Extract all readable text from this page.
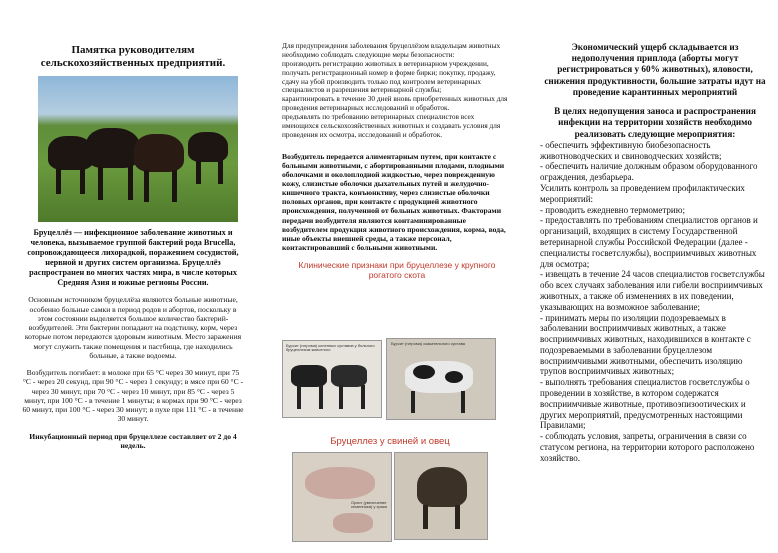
Памятка руководителям сельскохозяйственных предприятий.

Бруцеллёз — инфекционное заболевание животных и человека, вызываемое группой бактерий рода Brucella, сопровождающееся лихорадкой, поражением сосудистой, нервной и других систем организма. Бруцеллёз распространен во многих частях мира, в числе которых Средняя Азия и южные регионы России.

Основным источником бруцеллёза являются больные животные, особенно больные самки в период родов и абортов, поскольку в этом состоянии выделяется большое количество бактерий-возбудителей. Эти бактерии попадают на подстилку, корм, через которые потом передаются здоровым животным. Место заражения могут служить также помещения и пастбища, где находились больные, а также водоемы.

Возбудитель погибает: в молоке при 65 °С через 30 минут, при 75 °С - через 20 секунд, при 90 °С - через 1 секунду; в мясе при 60 °С - через 30 минут, при 70 °С - через 10 минут, при 85 °С - через 5 минут, при 100 °С - в течение 1 минуты; в кормах при 90 °С - через 60 минут, при 100 °С - через 30 минут; в пухе при 111 °С - в течение 30 минут.

Инкубационный период при бруцеллезе составляет от 2 до 4 недель.

Для предупреждения заболевания бруцеллёзом владельцам животных необходимо соблюдать следующие меры безопасности:

производить регистрацию животных в ветеринарном учреждении, получать регистрационный номер в форме бирки; покупку, продажу, сдачу на убой производить только под контролем ветеринарных специалистов и разрешения ветеринарной службы;

карантинировать в течение 30 дней вновь приобретенных животных для проведения ветеринарных исследований и обработок.

предъявлять по требованию ветеринарных специалистов всех имеющихся сельскохозяйственных животных и создавать условия для проведения их осмотра, исследований и обработок.

Возбудитель передается алиментарным путем, при контакте с больными животными, с абортированными плодами, плодными оболочками и околоплодной жидкостью, через поврежденную кожу, слизистые оболочки дыхательных путей и желудочно-кишечного тракта, конъюнктиву, через слизистые оболочки половых органов, при контакте с продукцией животного происхождения, полученной от больных животных. Факторами передачи возбудителя являются контаминированные возбудителем продукция животного происхождения, корма, вода, иные объекты внешней среды, а также персонал, контактировавший с больными животными.

Клинические признаки при бруцеллезе у крупного рогатого скота
Бурсит (гигрома) коленных суставов у больного бруцеллезом животного
Бурсит (гигрома) скакательного сустава
Бруцеллез у свиней и овец
Орхит (увеличение семенника) у хряка

Экономический ущерб складывается из недополучения приплода (аборты могут регистрироваться у 60% животных), яловости, снижения продуктивности, большие затраты идут на проведение карантинных мероприятий

В целях недопущения заноса и распространения инфекции на территории хозяйств необходимо реализовать следующие мероприятия:

- обеспечить эффективную биобезопасность животноводческих и свиноводческих хозяйств;
- обеспечить наличие должным образом оборудованного ограждения, дезбарьера.
Усилить контроль за проведением профилактических мероприятий:
- проводить ежедневно термометрию;
- предоставлять по требованиям специалистов органов и организаций, входящих в систему Государственной ветеринарной службы Российской Федерации (далее - специалисты госветслужбы), восприимчивых животных для осмотра;
- извещать в течение 24 часов специалистов госветслужбы обо всех случаях заболевания или гибели восприимчивых животных, а также об изменениях в их поведении, указывающих на возможное заболевание;
- принимать меры по изоляции подозреваемых в заболевании восприимчивых животных, а также восприимчивых животных, находившихся в контакте с подозреваемыми в заболевании бруцеллезом восприимчивыми животными, обеспечить изоляцию трупов восприимчивых животных;
- выполнять требования специалистов госветслужбы о проведении в хозяйстве, в котором содержатся восприимчивые животные, противоэпизоотических и других мероприятий, предусмотренных настоящими Правилами;
- соблюдать условия, запреты, ограничения в связи со статусом региона, на территории которого расположено хозяйство.
